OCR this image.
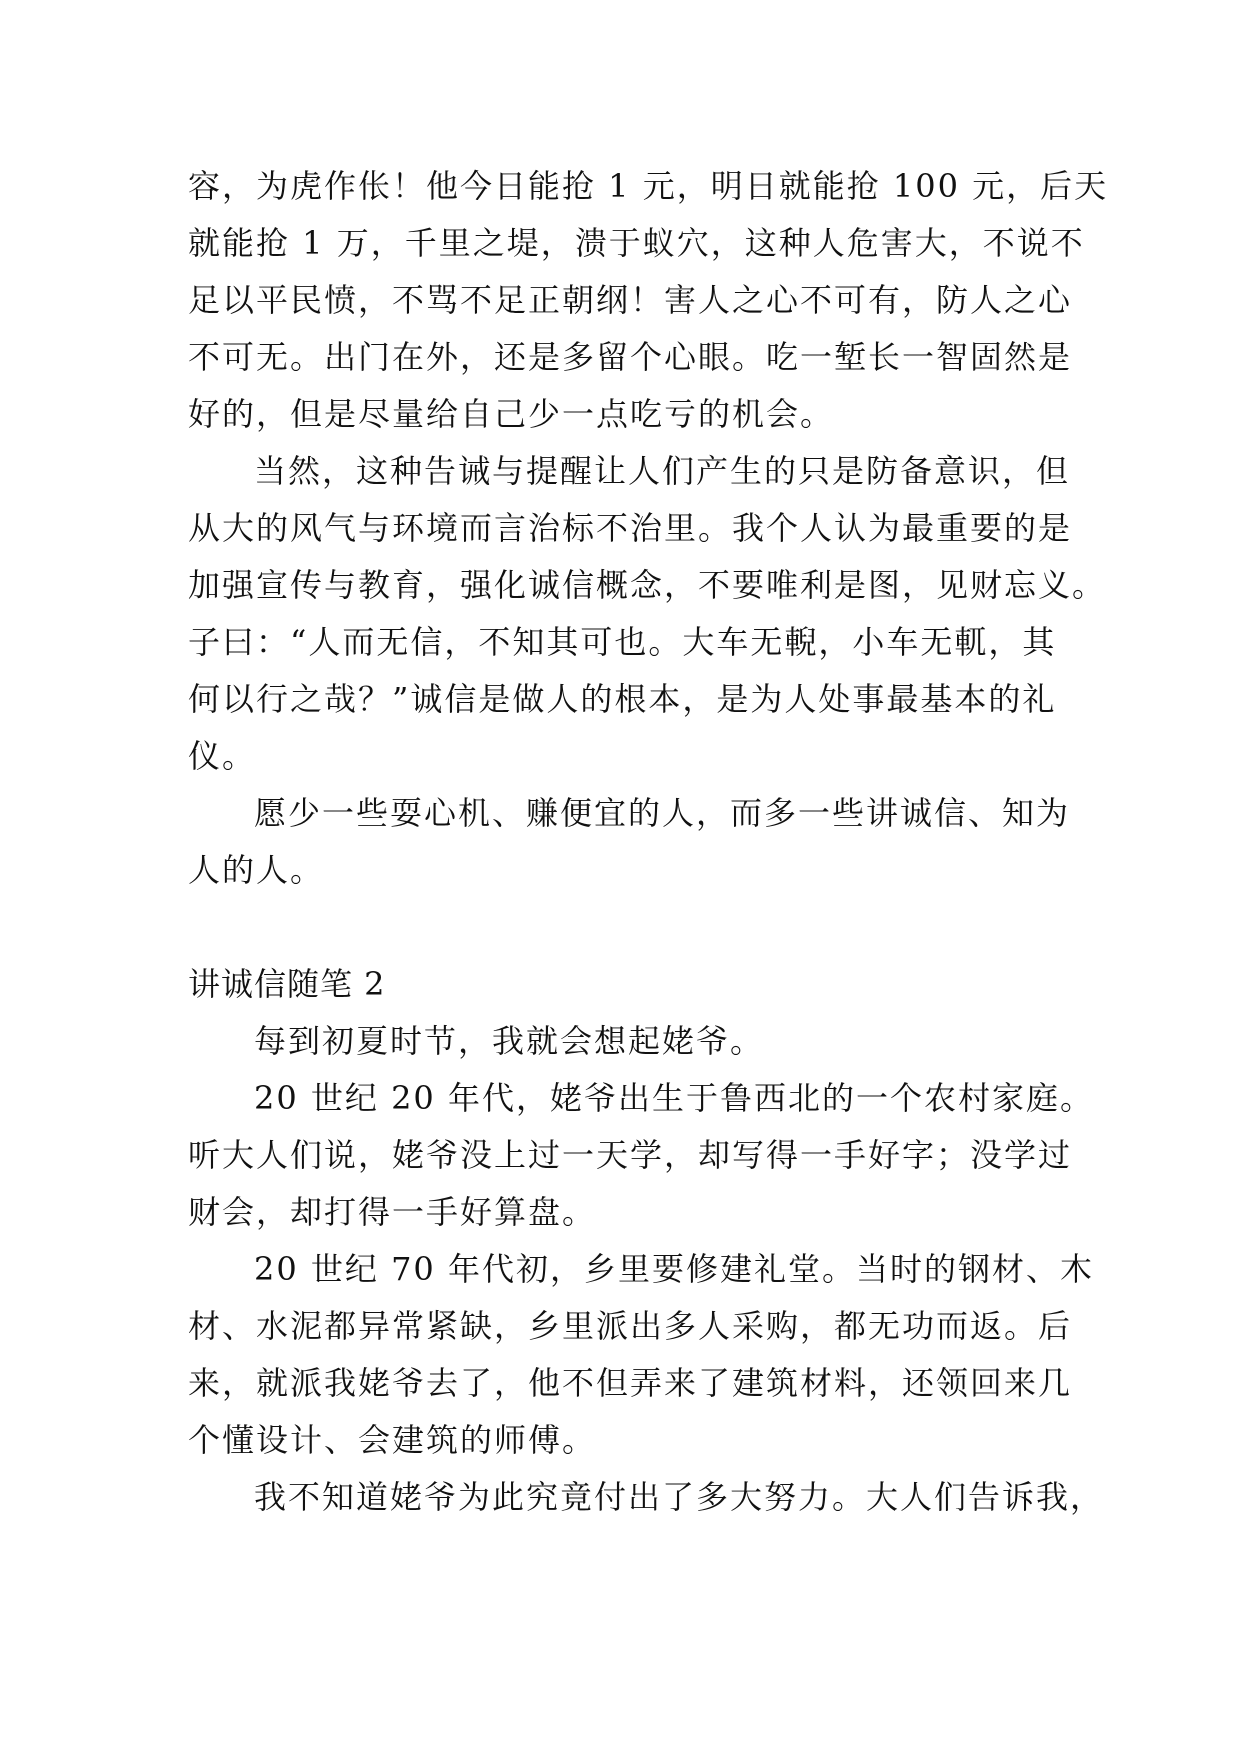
容，为虎作伥！他今日能抢 1 元，明日就能抢 100 元，后天
就能抢 1 万，千里之堤，溃于蚁穴，这种人危害大，不说不
足以平民愤，不骂不足正朝纲！害人之心不可有，防人之心
不可无。出门在外，还是多留个心眼。吃一堑长一智固然是
好的，但是尽量给自己少一点吃亏的机会。
当然，这种告诫与提醒让人们产生的只是防备意识，但
从大的风气与环境而言治标不治里。我个人认为最重要的是
加强宣传与教育，强化诚信概念，不要唯利是图，见财忘义。
子曰：“人而无信，不知其可也。大车无輗，小车无軏，其
何以行之哉？”诚信是做人的根本，是为人处事最基本的礼
仪。
愿少一些耍心机、赚便宜的人，而多一些讲诚信、知为
人的人。
讲诚信随笔 2
每到初夏时节，我就会想起姥爷。
20 世纪 20 年代，姥爷出生于鲁西北的一个农村家庭。
听大人们说，姥爷没上过一天学，却写得一手好字；没学过
财会，却打得一手好算盘。
20 世纪 70 年代初，乡里要修建礼堂。当时的钢材、木
材、水泥都异常紧缺，乡里派出多人采购，都无功而返。后
来，就派我姥爷去了，他不但弄来了建筑材料，还领回来几
个懂设计、会建筑的师傅。
我不知道姥爷为此究竟付出了多大努力。大人们告诉我，
